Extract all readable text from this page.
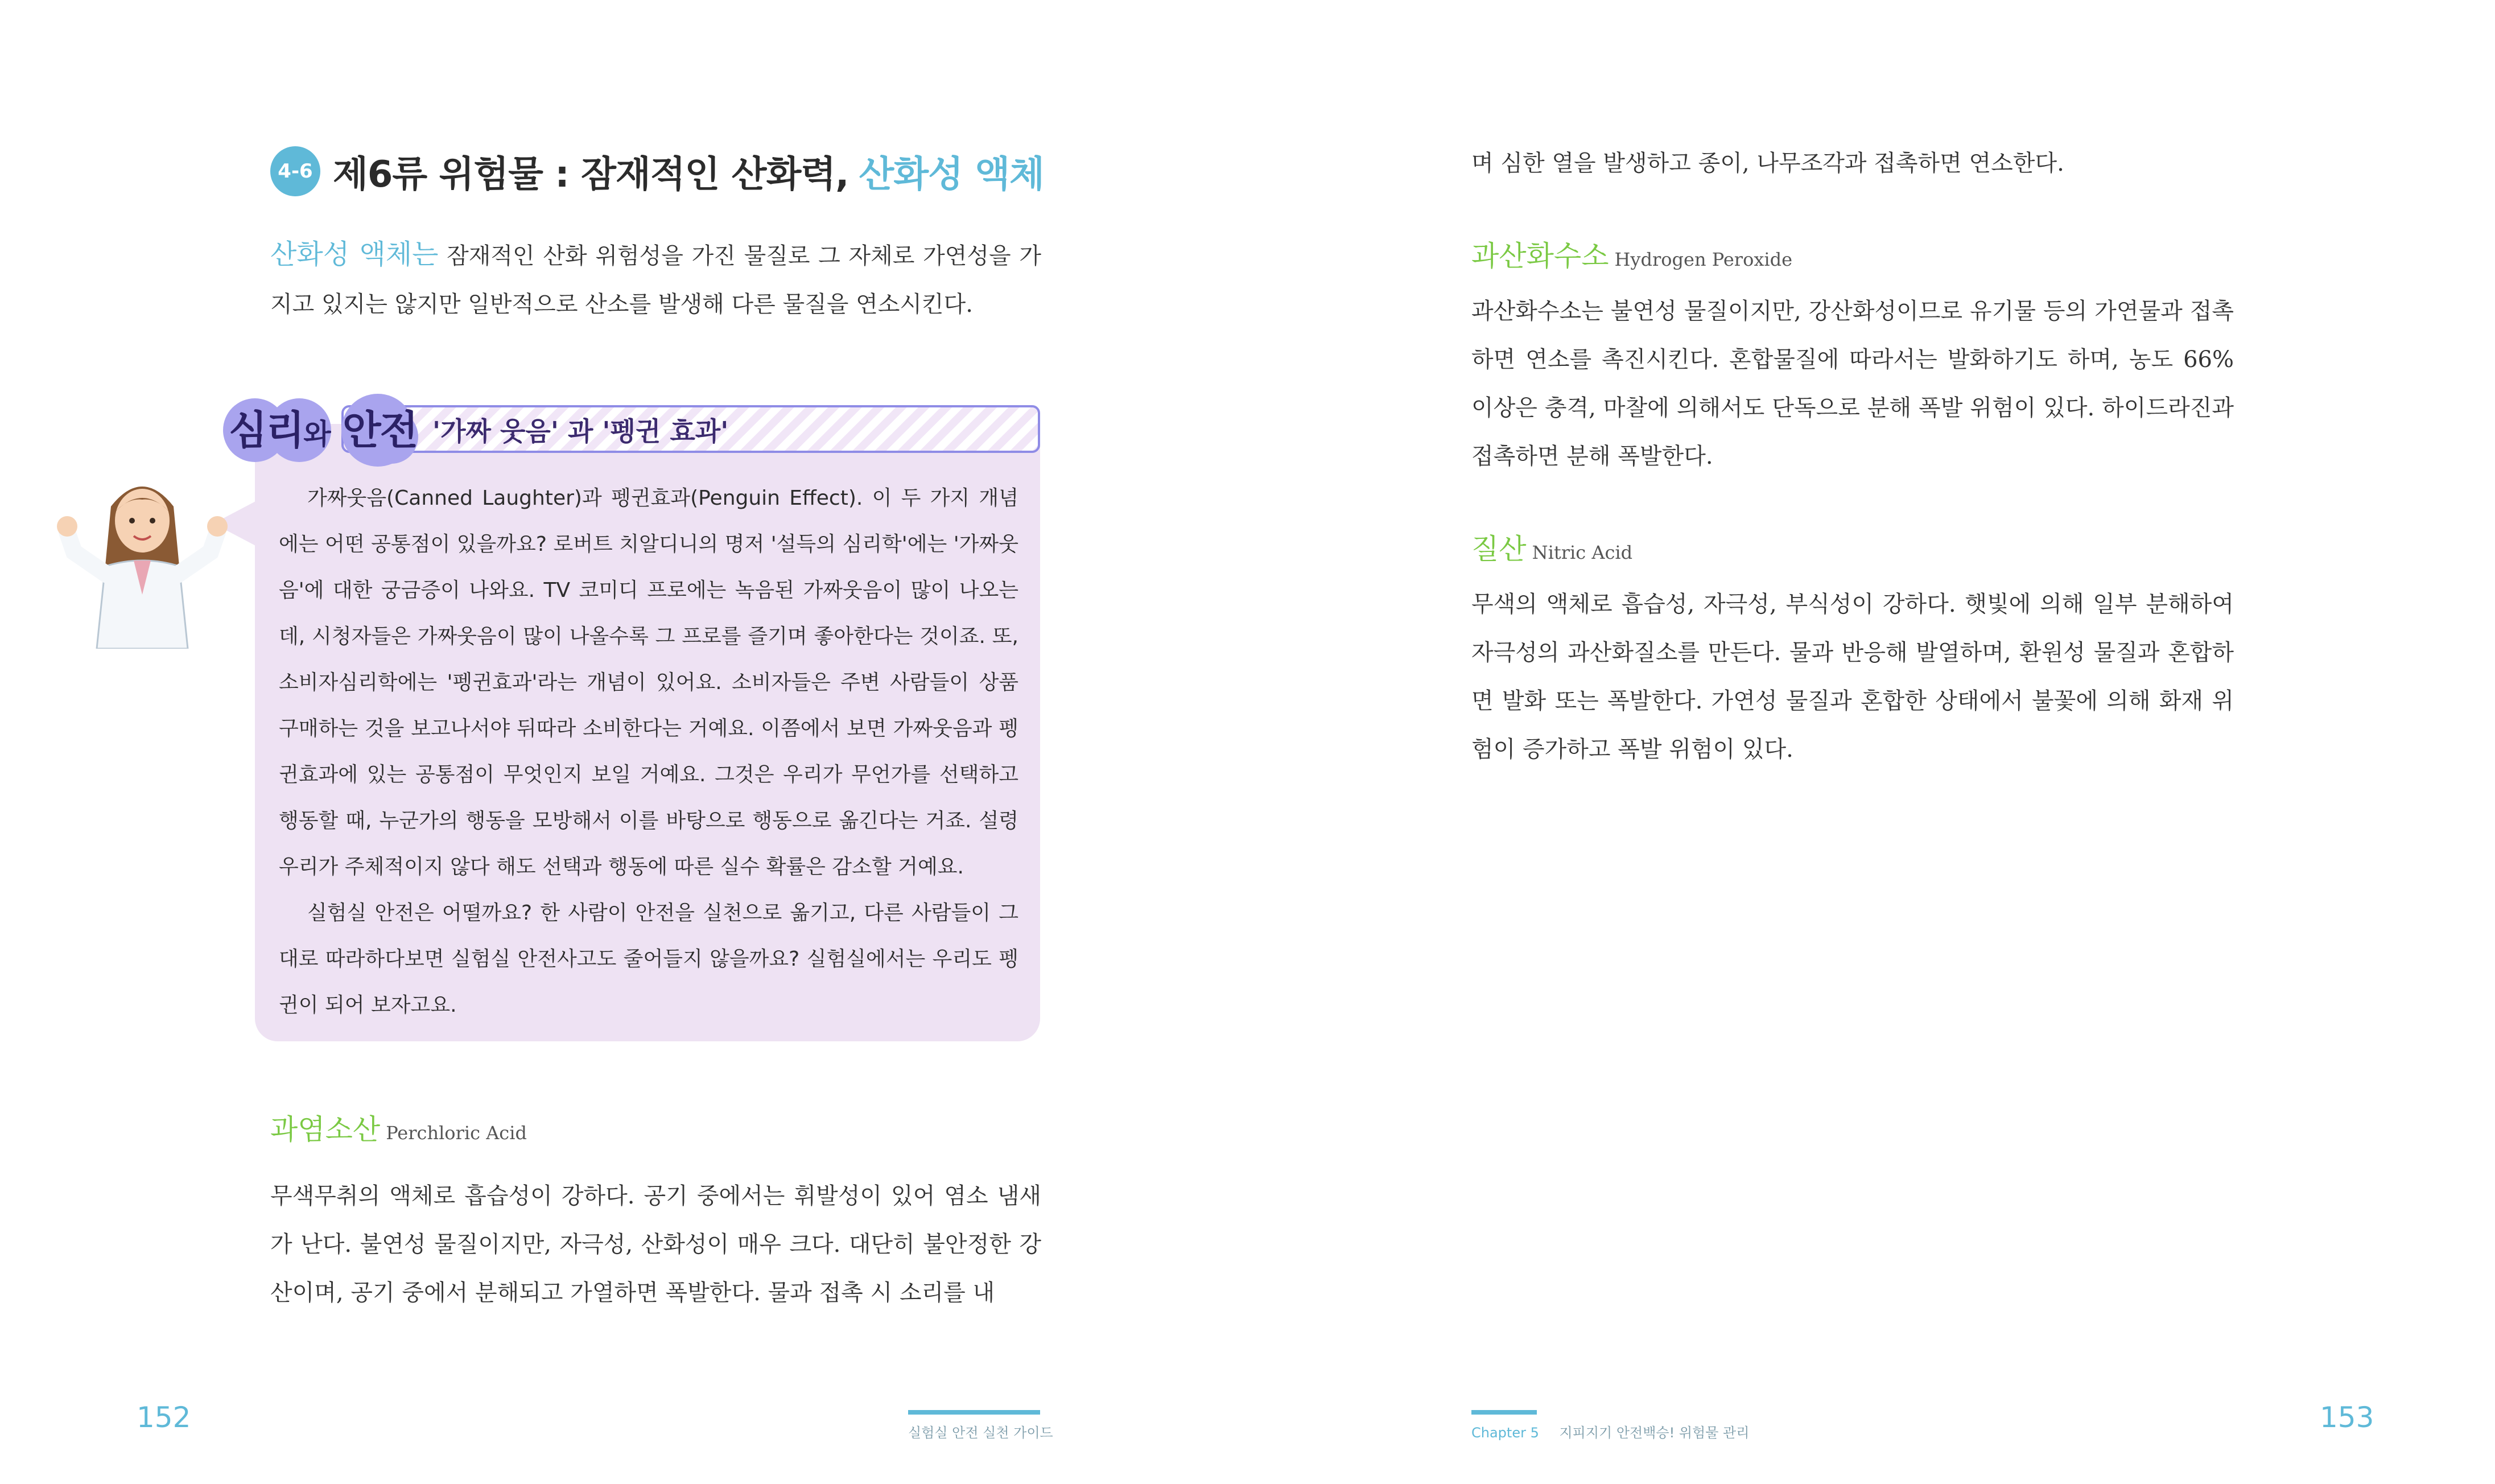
4-6 제6류 위험물 : 잠재적인 산화력, 산화성 액체
산화성 액체는 잠재적인 산화 위험성을 가진 물질로 그 자체로 가연성을 가지고 있지는 않지만 일반적으로 산소를 발생해 다른 물질을 연소시킨다.
심리와 안전 '가짜 웃음' 과 '펭귄 효과'

가짜웃음(Canned Laughter)과 펭귄효과(Penguin Effect). 이 두 가지 개념에는 어떤 공통점이 있을까요? 로버트 치알디니의 명저 '설득의 심리학'에는 '가짜웃음'에 대한 궁금증이 나와요. TV 코미디 프로에는 녹음된 가짜웃음이 많이 나오는데, 시청자들은 가짜웃음이 많이 나올수록 그 프로를 즐기며 좋아한다는 것이죠. 또, 소비자심리학에는 '펭귄효과'라는 개념이 있어요. 소비자들은 주변 사람들이 상품 구매하는 것을 보고나서야 뒤따라 소비한다는 거예요. 이쯤에서 보면 가짜웃음과 펭귄효과에 있는 공통점이 무엇인지 보일 거예요. 그것은 우리가 무언가를 선택하고 행동할 때, 누군가의 행동을 모방해서 이를 바탕으로 행동으로 옮긴다는 거죠. 설령 우리가 주체적이지 않다 해도 선택과 행동에 따른 실수 확률은 감소할 거예요.

실험실 안전은 어떨까요? 한 사람이 안전을 실천으로 옮기고, 다른 사람들이 그대로 따라하다보면 실험실 안전사고도 줄어들지 않을까요? 실험실에서는 우리도 펭귄이 되어 보자고요.

과염소산 Perchloric Acid
무색무취의 액체로 흡습성이 강하다. 공기 중에서는 휘발성이 있어 염소 냄새가 난다. 불연성 물질이지만, 자극성, 산화성이 매우 크다. 대단히 불안정한 강산이며, 공기 중에서 분해되고 가열하면 폭발한다. 물과 접촉 시 소리를 내
152	실험실 안전 실천 가이드
며 심한 열을 발생하고 종이, 나무조각과 접촉하면 연소한다.
과산화수소 Hydrogen Peroxide
과산화수소는 불연성 물질이지만, 강산화성이므로 유기물 등의 가연물과 접촉하면 연소를 촉진시킨다. 혼합물질에 따라서는 발화하기도 하며, 농도 66% 이상은 충격, 마찰에 의해서도 단독으로 분해 폭발 위험이 있다. 하이드라진과 접촉하면 분해 폭발한다.
질산 Nitric Acid
무색의 액체로 흡습성, 자극성, 부식성이 강하다. 햇빛에 의해 일부 분해하여 자극성의 과산화질소를 만든다. 물과 반응해 발열하며, 환원성 물질과 혼합하면 발화 또는 폭발한다. 가연성 물질과 혼합한 상태에서 불꽃에 의해 화재 위험이 증가하고 폭발 위험이 있다.
Chapter 5 지피지기 안전백승! 위험물 관리	153
